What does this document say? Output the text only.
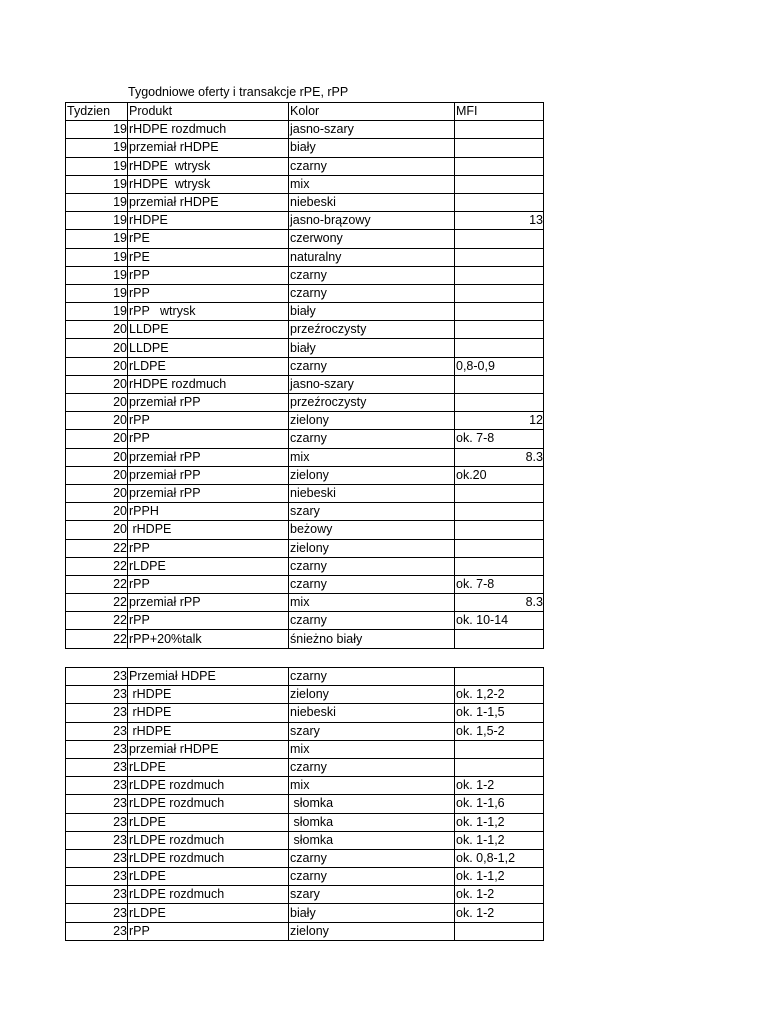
Tygodniowe oferty i transakcje rPE, rPP
Tydzien	Produkt	Kolor	MFI
19	rHDPE rozdmuch	jasno-szary	
19	przemiał rHDPE	biały	
19	rHDPE  wtrysk	czarny	
19	rHDPE  wtrysk	mix	
19	przemiał rHDPE	niebeski	
19	rHDPE	jasno-brązowy	13
19	rPE	czerwony	
19	rPE	naturalny	
19	rPP	czarny	
19	rPP	czarny	
19	rPP   wtrysk	biały	
20	LLDPE	przeźroczysty	
20	LLDPE	biały	
20	rLDPE	czarny	0,8-0,9
20	rHDPE rozdmuch	jasno-szary	
20	przemiał rPP	przeźroczysty	
20	rPP	zielony	12
20	rPP	czarny	ok. 7-8
20	przemiał rPP	mix	8.3
20	przemiał rPP	zielony	ok.20
20	przemiał rPP	niebeski	
20	rPPH	szary	
20	rHDPE	beżowy	
22	rPP	zielony	
22	rLDPE	czarny	
22	rPP	czarny	ok. 7-8
22	przemiał rPP	mix	8.3
22	rPP	czarny	ok. 10-14
22	rPP+20%talk	śnieżno biały	
23	Przemiał HDPE	czarny	
23	rHDPE	zielony	ok. 1,2-2
23	rHDPE	niebeski	ok. 1-1,5
23	rHDPE	szary	ok. 1,5-2
23	przemiał rHDPE	mix	
23	rLDPE	czarny	
23	rLDPE rozdmuch	mix	ok. 1-2
23	rLDPE rozdmuch	słomka	ok. 1-1,6
23	rLDPE	słomka	ok. 1-1,2
23	rLDPE rozdmuch	słomka	ok. 1-1,2
23	rLDPE rozdmuch	czarny	ok. 0,8-1,2
23	rLDPE	czarny	ok. 1-1,2
23	rLDPE rozdmuch	szary	ok. 1-2
23	rLDPE	biały	ok. 1-2
23	rPP	zielony	
